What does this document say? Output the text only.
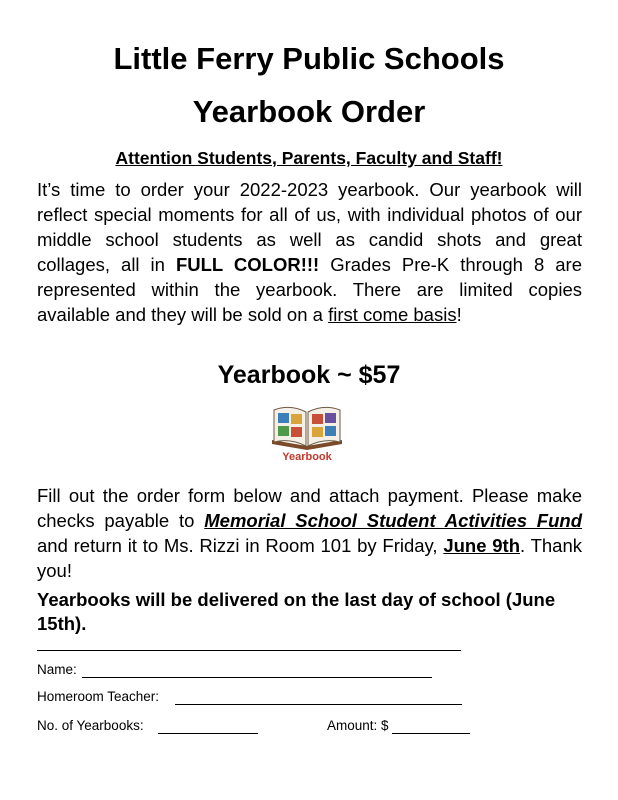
Little Ferry Public Schools
Yearbook Order
Attention Students, Parents, Faculty and Staff!

It’s time to order your 2022-2023 yearbook. Our yearbook will reflect special moments for all of us, with individual photos of our middle school students as well as candid shots and great collages, all in FULL COLOR!!! Grades Pre-K through 8 are represented within the yearbook. There are limited copies available and they will be sold on a first come basis!

Yearbook ~ $57
Yearbook

Fill out the order form below and attach payment. Please make checks payable to Memorial School Student Activities Fund and return it to Ms. Rizzi in Room 101 by Friday, June 9th. Thank you!

Yearbooks will be delivered on the last day of school (June 15th).

Name:
Homeroom Teacher:
No. of Yearbooks:	Amount: $
